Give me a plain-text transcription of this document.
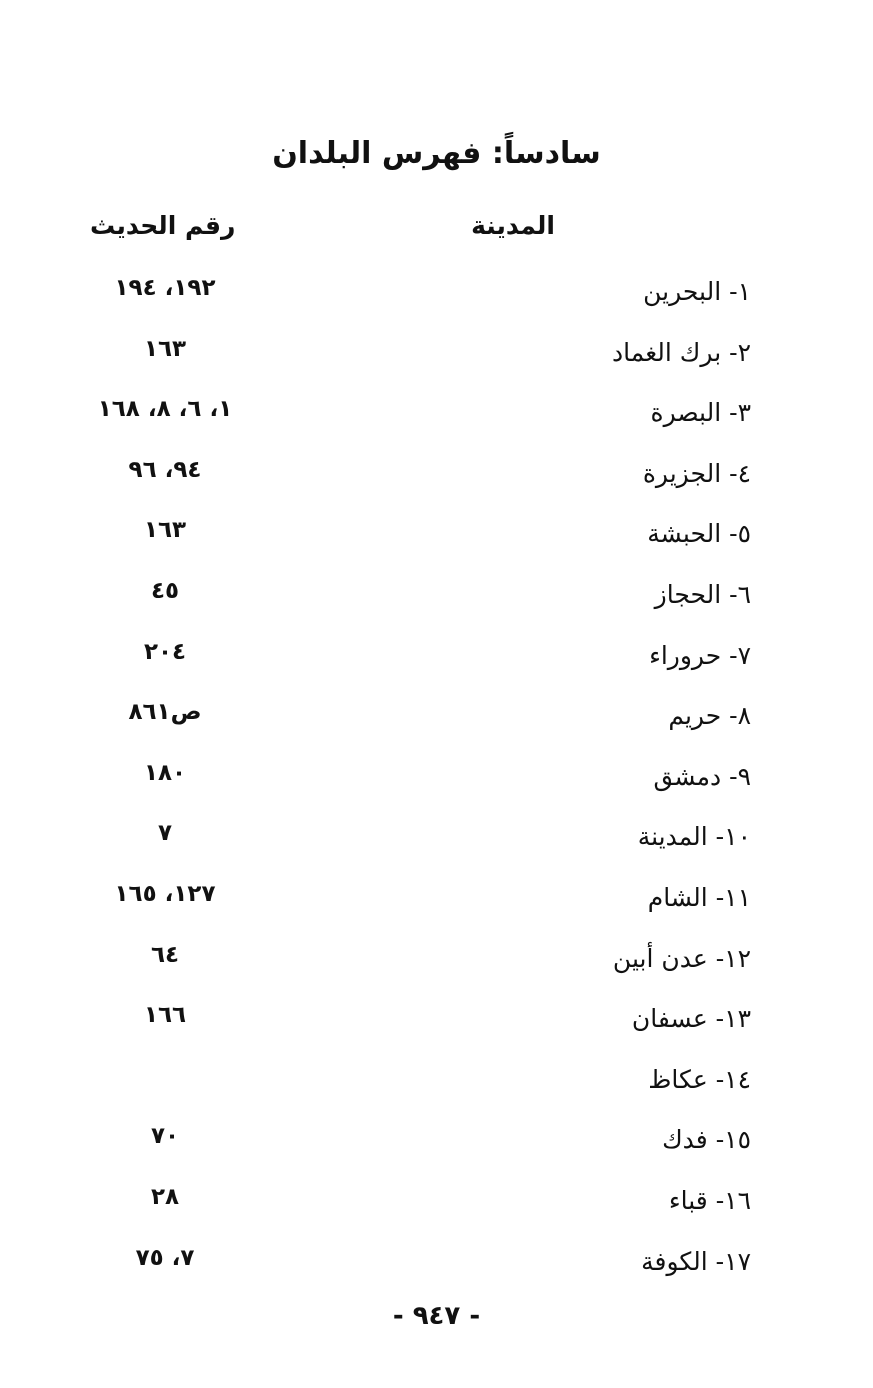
سادساً: فهرس البلدان
المدينة
رقم الحديث
١- البحرين
١٩٢، ١٩٤
٢- برك الغماد
١٦٣
٣- البصرة
١، ٦، ٨، ١٦٨
٤- الجزيرة
٩٤، ٩٦
٥- الحبشة
١٦٣
٦- الحجاز
٤٥
٧- حروراء
٢٠٤
٨- حريم
ص٨٦١
٩- دمشق
١٨٠
١٠- المدينة
٧
١١- الشام
١٢٧، ١٦٥
١٢- عدن أبين
٦٤
١٣- عسفان
١٦٦
١٤- عكاظ
١٥- فدك
٧٠
١٦- قباء
٢٨
١٧- الكوفة
٧، ٧٥
- ٩٤٧ -
